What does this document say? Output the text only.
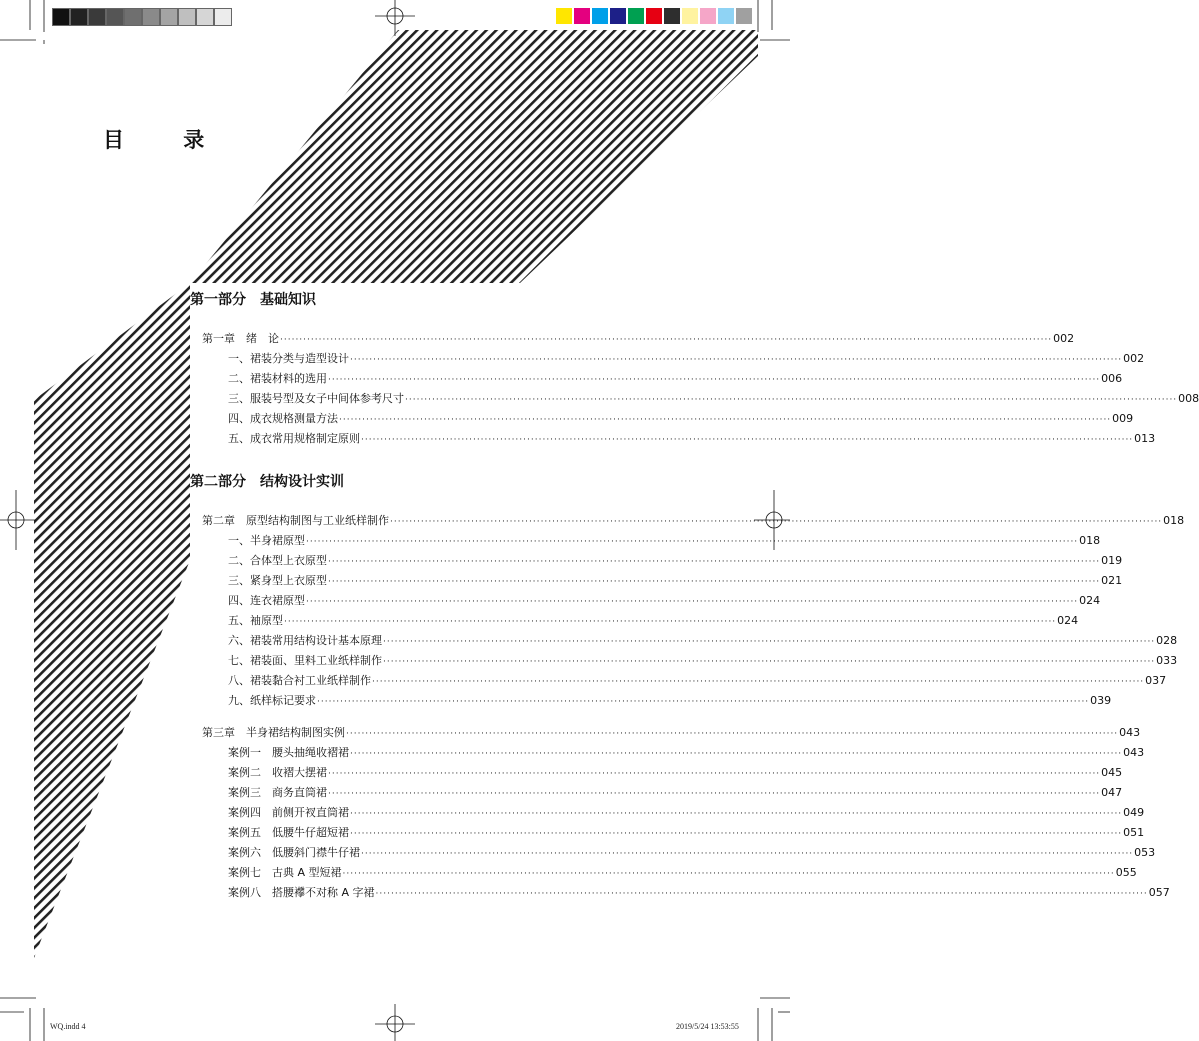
目 录
第一部分　基础知识
第一章　绪　论 ········································································································································································································ 002
一、裙装分类与造型设计 ········································································································································································································ 002
二、裙装材料的选用 ········································································································································································································ 006
三、服装号型及女子中间体参考尺寸 ········································································································································································································ 008
四、成衣规格测量方法 ········································································································································································································ 009
五、成衣常用规格制定原则 ········································································································································································································ 013
第二部分　结构设计实训
第二章　原型结构制图与工业纸样制作 ········································································································································································································ 018
一、半身裙原型 ········································································································································································································ 018
二、合体型上衣原型 ········································································································································································································ 019
三、紧身型上衣原型 ········································································································································································································ 021
四、连衣裙原型 ········································································································································································································ 024
五、袖原型 ········································································································································································································ 024
六、裙装常用结构设计基本原理 ········································································································································································································ 028
七、裙装面、里料工业纸样制作 ········································································································································································································ 033
八、裙装黏合衬工业纸样制作 ········································································································································································································ 037
九、纸样标记要求 ········································································································································································································ 039
第三章　半身裙结构制图实例 ········································································································································································································ 043
案例一　腰头抽绳收褶裙 ········································································································································································································ 043
案例二　收褶大摆裙 ········································································································································································································ 045
案例三　商务直筒裙 ········································································································································································································ 047
案例四　前侧开衩直筒裙 ········································································································································································································ 049
案例五　低腰牛仔超短裙 ········································································································································································································ 051
案例六　低腰斜门襟牛仔裙 ········································································································································································································ 053
案例七　古典 A 型短裙 ········································································································································································································ 055
案例八　搭腰襻不对称 A 字裙 ········································································································································································································ 057
WQ.indd 4	2019/5/24 13:53:55
